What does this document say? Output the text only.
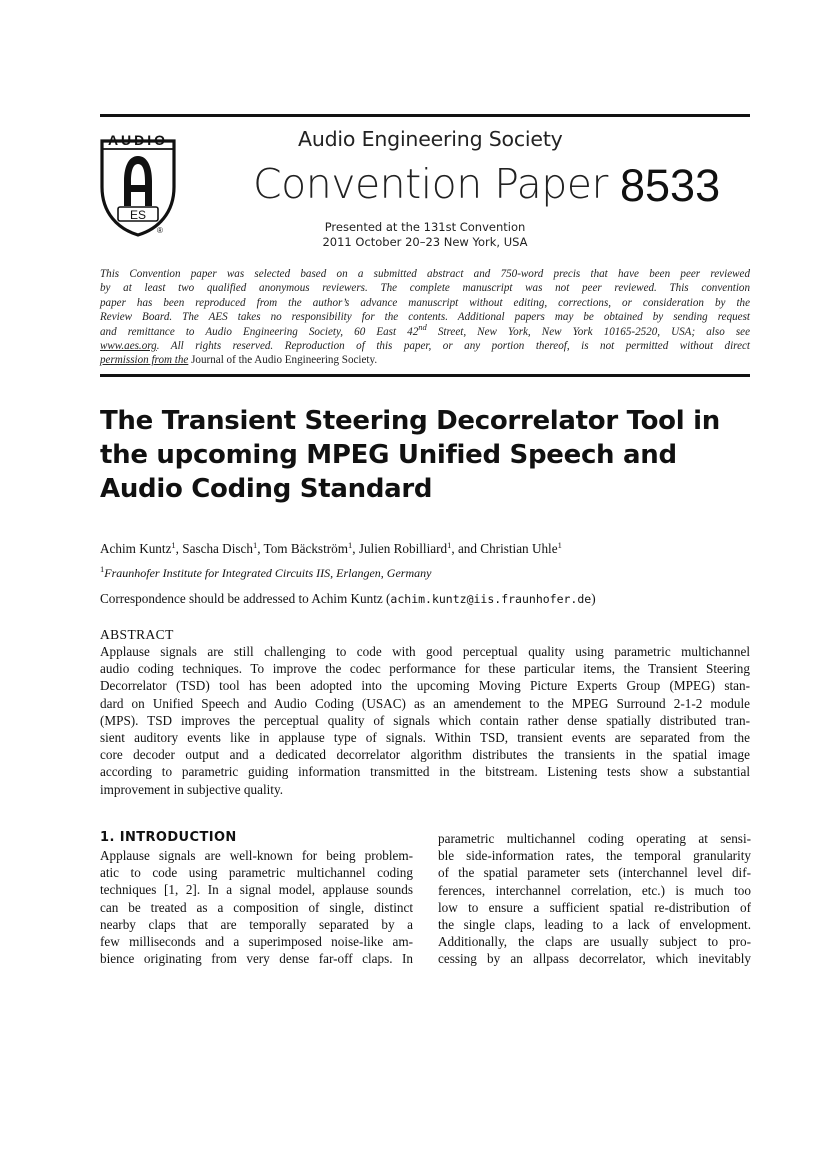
AUDIO
ES
®
Audio Engineering Society
Convention Paper 8533
Presented at the 131st Convention
2011 October 20–23 New York, USA
This Convention paper was selected based on a submitted abstract and 750-word precis that have been peer reviewed
by at least two qualified anonymous reviewers. The complete manuscript was not peer reviewed. This convention
paper has been reproduced from the author’s advance manuscript without editing, corrections, or consideration by the
Review Board. The AES takes no responsibility for the contents. Additional papers may be obtained by sending request
and remittance to Audio Engineering Society, 60 East 42nd Street, New York, New York 10165-2520, USA; also see
www.aes.org. All rights reserved. Reproduction of this paper, or any portion thereof, is not permitted without direct
permission from the Journal of the Audio Engineering Society.
The Transient Steering Decorrelator Tool in
the upcoming MPEG Unified Speech and
Audio Coding Standard
Achim Kuntz$^1$, Sascha Disch$^1$, Tom Bäckström$^1$, Julien Robilliard$^1$, and Christian Uhle$^1$
$^1$Fraunhofer Institute for Integrated Circuits IIS, Erlangen, Germany
Correspondence should be addressed to Achim Kuntz (achim.kuntz@iis.fraunhofer.de)
ABSTRACT
Applause signals are still challenging to code with good perceptual quality using parametric multichannel
audio coding techniques. To improve the codec performance for these particular items, the Transient Steering
Decorrelator (TSD) tool has been adopted into the upcoming Moving Picture Experts Group (MPEG) stan-
dard on Unified Speech and Audio Coding (USAC) as an amendement to the MPEG Surround 2-1-2 module
(MPS). TSD improves the perceptual quality of signals which contain rather dense spatially distributed tran-
sient auditory events like in applause type of signals. Within TSD, transient events are separated from the
core decoder output and a dedicated decorrelator algorithm distributes the transients in the spatial image
according to parametric guiding information transmitted in the bitstream. Listening tests show a substantial
improvement in subjective quality.
1. INTRODUCTION
Applause signals are well-known for being problem-
atic to code using parametric multichannel coding
techniques [1, 2]. In a signal model, applause sounds
can be treated as a composition of single, distinct
nearby claps that are temporally separated by a
few milliseconds and a superimposed noise-like am-
bience originating from very dense far-off claps. In
parametric multichannel coding operating at sensi-
ble side-information rates, the temporal granularity
of the spatial parameter sets (interchannel level dif-
ferences, interchannel correlation, etc.) is much too
low to ensure a sufficient spatial re-distribution of
the single claps, leading to a lack of envelopment.
Additionally, the claps are usually subject to pro-
cessing by an allpass decorrelator, which inevitably
